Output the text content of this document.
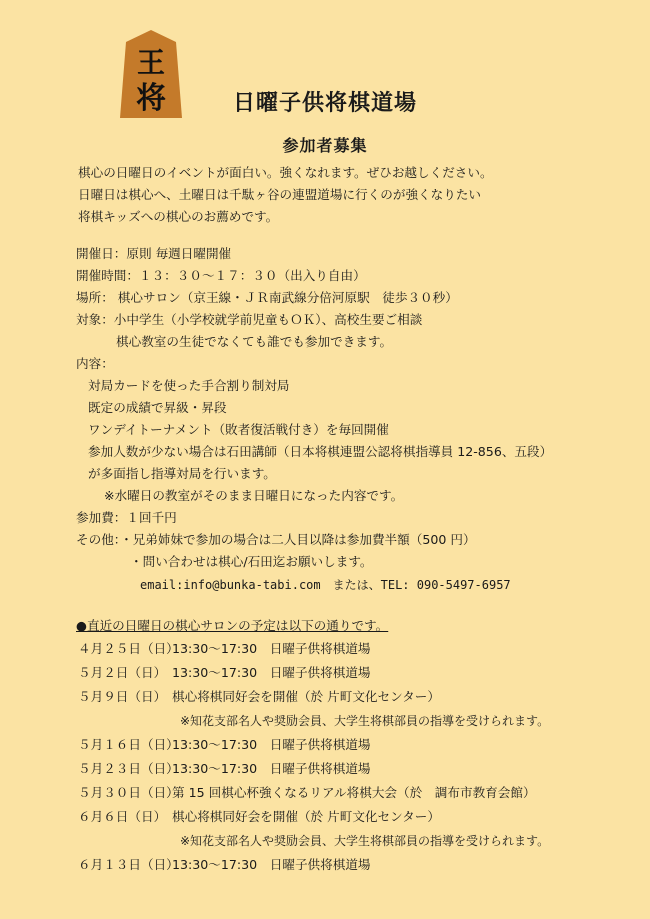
王
将	日曜子供将棋道場
参加者募集
棋心の日曜日のイベントが面白い。強くなれます。ぜひお越しください。
日曜日は棋心へ、土曜日は千駄ヶ谷の連盟道場に行くのが強くなりたい
将棋キッズへの棋心のお薦めです。
開催日：原則 毎週日曜開催
開催時間：１３：３０～１７：３０（出入り自由）
場所： 棋心サロン（京王線・ＪＲ南武線分倍河原駅　徒歩３０秒）
対象：小中学生（小学校就学前児童もＯＫ）、高校生要ご相談
棋心教室の生徒でなくても誰でも参加できます。
内容：
対局カードを使った手合割り制対局
既定の成績で昇級・昇段
ワンデイトーナメント（敗者復活戦付き）を毎回開催
参加人数が少ない場合は石田講師（日本将棋連盟公認将棋指導員 12-856、五段）
が多面指し指導対局を行います。
※水曜日の教室がそのまま日曜日になった内容です。
参加費：１回千円
その他：・兄弟姉妹で参加の場合は二人目以降は参加費半額（500 円）
・問い合わせは棋心/石田迄お願いします。
email:info@bunka-tabi.com　または、TEL: 090-5497-6957
●直近の日曜日の棋心サロンの予定は以下の通りです。
４月２５日（日）
13:30～17:30　日曜子供将棋道場
５月２日（日） 13:30～17:30　日曜子供将棋道場
５月９日（日） 棋心将棋同好会を開催（於 片町文化センター）
※知花支部名人や奨励会員、大学生将棋部員の指導を受けられます。
５月１６日（日）
13:30～17:30　日曜子供将棋道場
５月２３日（日）
13:30～17:30　日曜子供将棋道場
５月３０日（日）
第 15 回棋心杯強くなるリアル将棋大会（於　調布市教育会館）
６月６日（日） 棋心将棋同好会を開催（於 片町文化センター）
※知花支部名人や奨励会員、大学生将棋部員の指導を受けられます。
６月１３日（日）
13:30～17:30　日曜子供将棋道場
